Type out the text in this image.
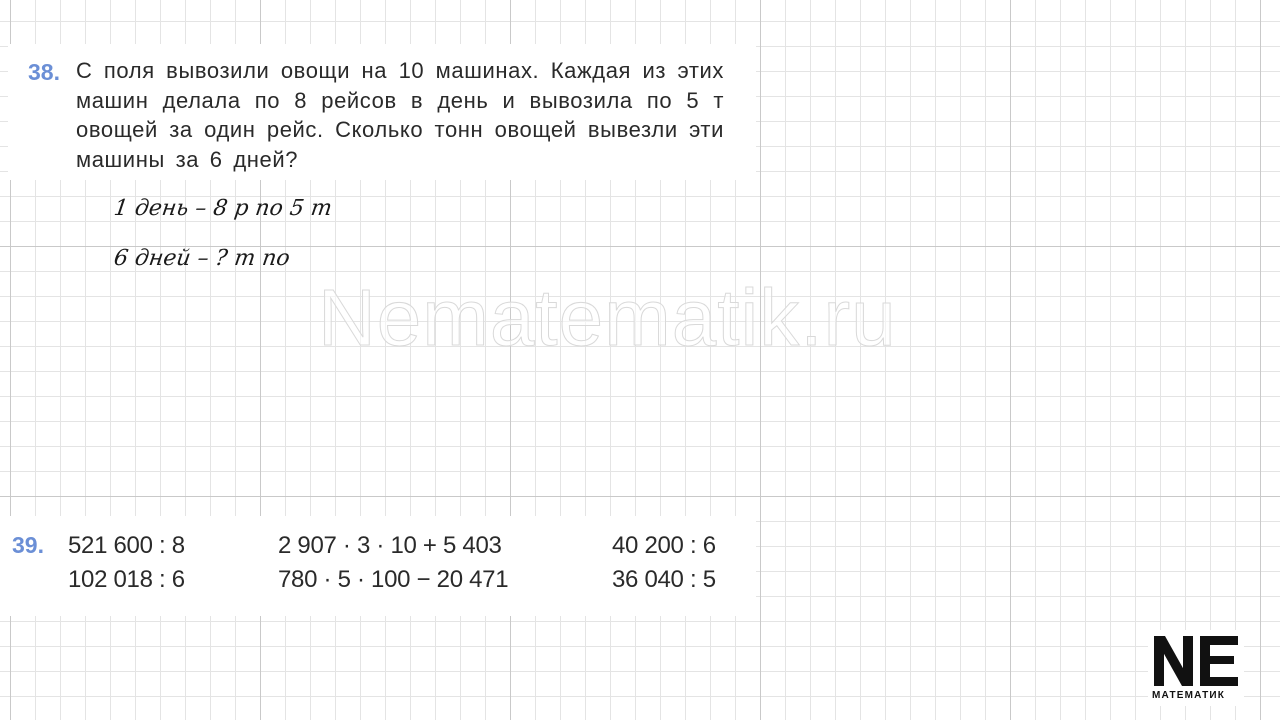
38. С поля вывозили овощи на 10 машинах. Каждая из этих машин делала по 8 рейсов в день и вывозила по 5 т овощей за один рейс. Сколько тонн овощей вывезли эти машины за 6 дней?
1 день – 8 р по 5 т
6 дней – ? т по
Nematematik.ru
39. 521 600 : 8
102 018 : 6
2 907 · 3 · 10 + 5 403
780 · 5 · 100 − 20 471
40 200 : 6
36 040 : 5
МАТЕМАТИК
